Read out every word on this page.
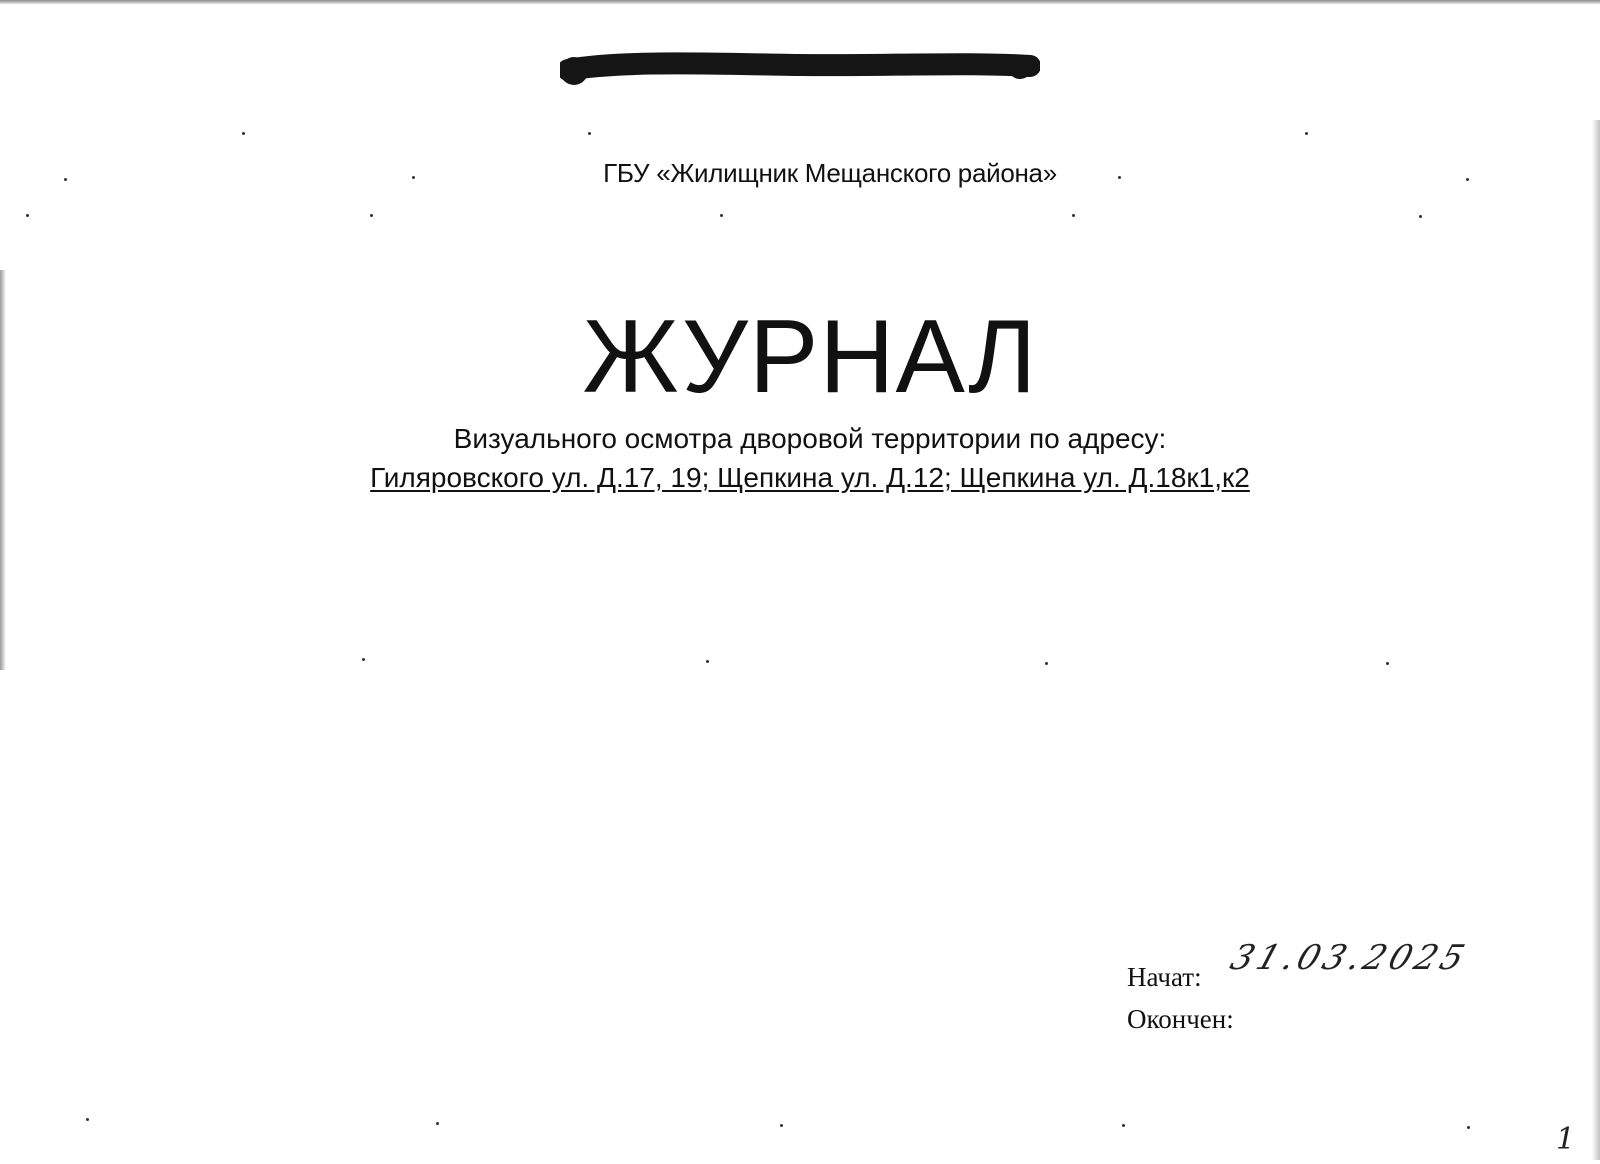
ГБУ «Жилищник Мещанского района»
ЖУРНАЛ
Визуального осмотра дворовой территории по адресу:
Гиляровского ул. Д.17, 19; Щепкина ул. Д.12; Щепкина ул. Д.18к1,к2
31.03.2025
Начат:
Окончен:
1
